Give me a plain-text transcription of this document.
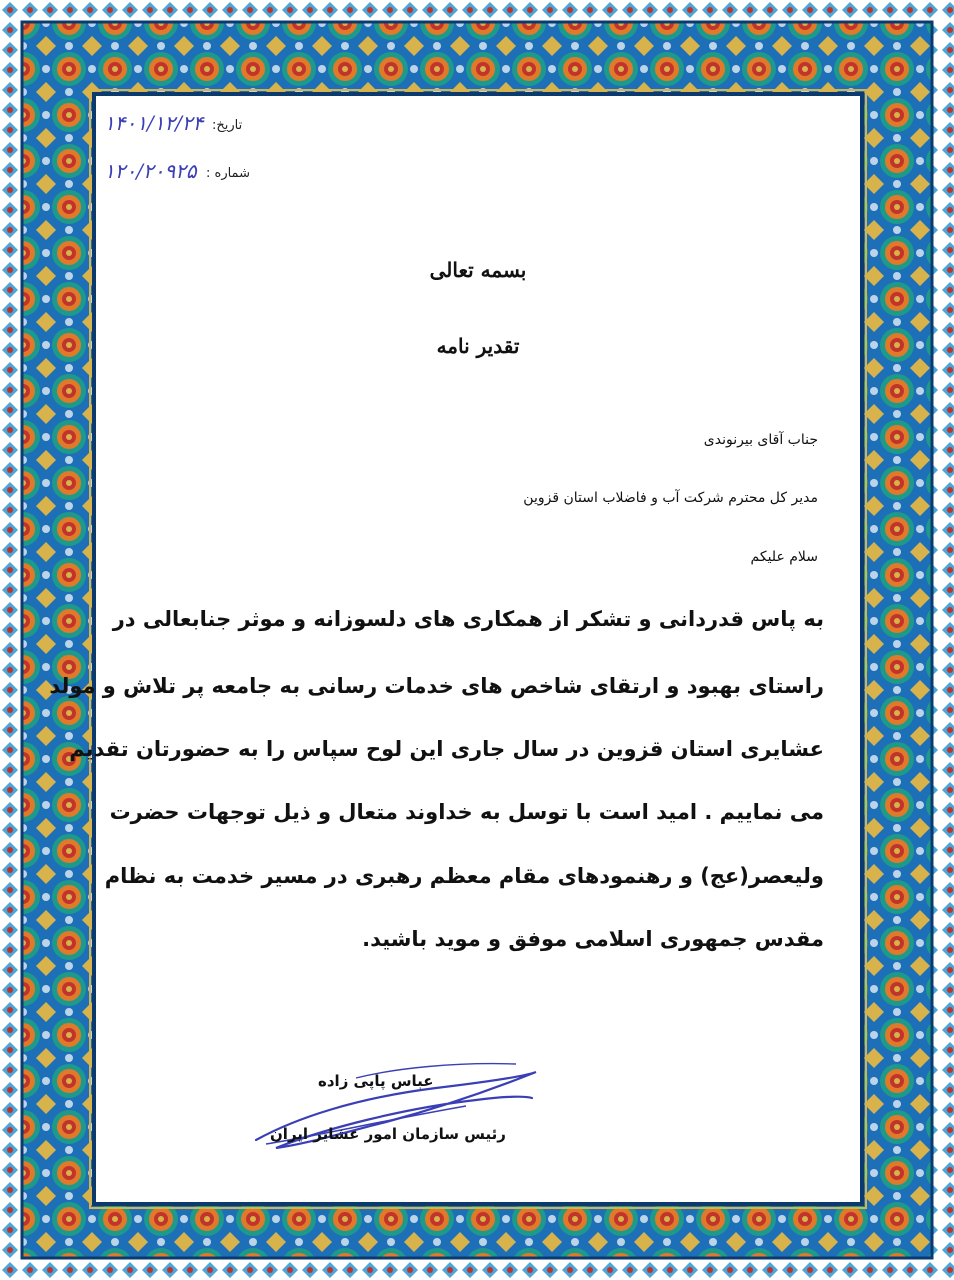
تاریخ:
۱۴۰۱/۱۲/۲۴
شماره :
۱۲۰/۲۰۹۲۵
بسمه تعالی
تقدیر نامه
جناب آقای بیرنوندی
مدیر کل محترم شرکت آب و فاضلاب استان قزوین
سلام علیکم
به پاس قدردانی و تشکر از همکاری های دلسوزانه و موثر جنابعالی در
راستای بهبود و ارتقای شاخص های خدمات رسانی به جامعه پر تلاش و مولد
عشایری استان قزوین در سال جاری این لوح سپاس را به حضورتان تقدیم
می نماییم . امید است با توسل به خداوند متعال و ذیل توجهات حضرت
ولیعصر(عج) و رهنمودهای مقام معظم رهبری در مسیر خدمت به نظام
مقدس جمهوری اسلامی موفق و موید باشید.
عباس پاپی زاده
رئیس سازمان امور عشایر ایران
